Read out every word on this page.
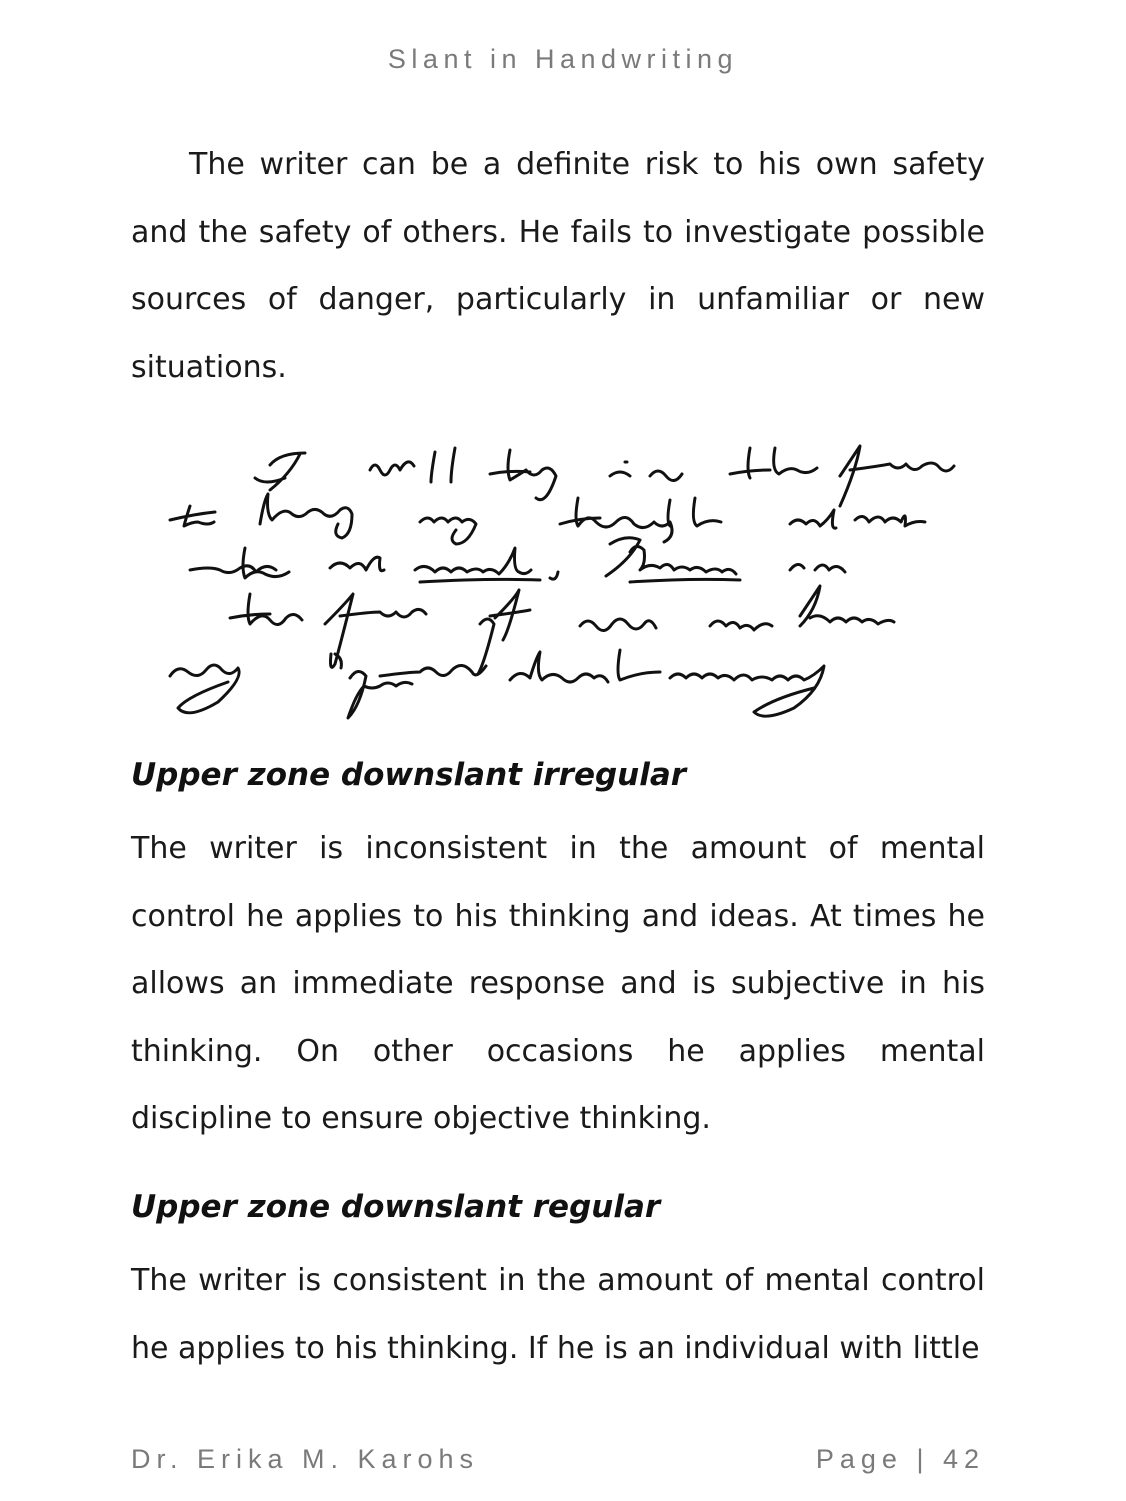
Slant in Handwriting

The writer can be a definite risk to his own safety and the safety of others. He fails to investigate possible sources of danger, particularly in unfamiliar or new situations.

Upper zone downslant irregular

The writer is inconsistent in the amount of mental control he applies to his thinking and ideas. At times he allows an immediate response and is subjective in his thinking. On other occasions he applies mental discipline to ensure objective thinking.

Upper zone downslant regular

The writer is consistent in the amount of mental control he applies to his thinking. If he is an individual with little

Dr. Erika M. Karohs	Page | 42
